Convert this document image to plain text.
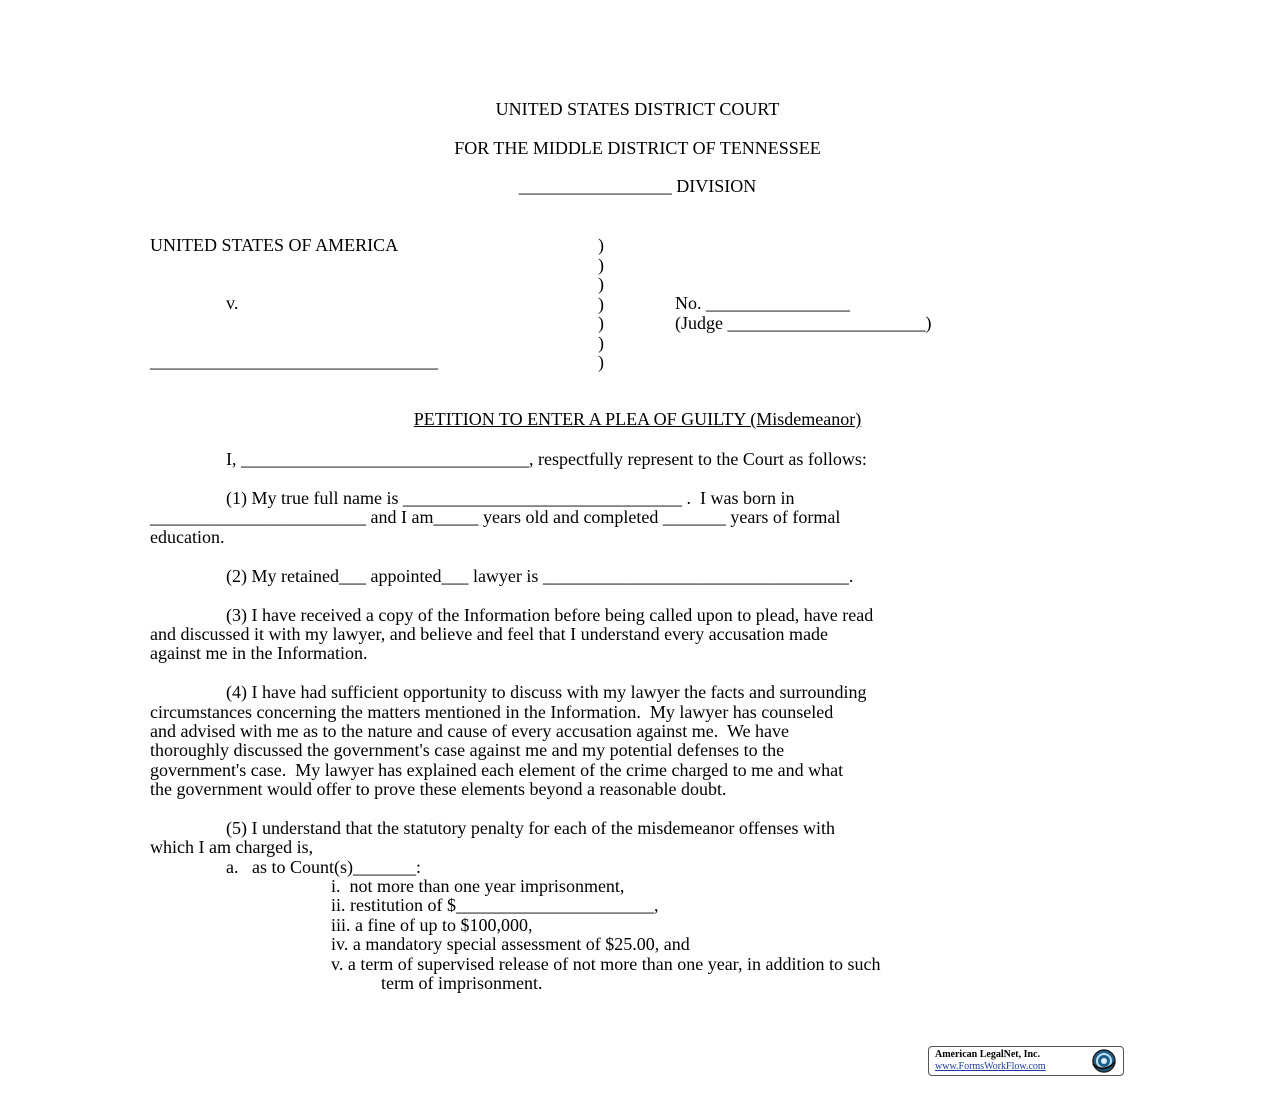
UNITED STATES DISTRICT COURT
FOR THE MIDDLE DISTRICT OF TENNESSEE
_________________ DIVISION
UNITED STATES OF AMERICA
v.
________________________________
)
)
)
)
)
)
)
No. ________________
(Judge ______________________)
PETITION TO ENTER A PLEA OF GUILTY (Misdemeanor)
I, ________________________________, respectfully represent to the Court as follows:
(1) My true full name is _______________________________ .  I was born in
________________________ and I am_____ years old and completed _______ years of formal
education.
(2) My retained___ appointed___ lawyer is __________________________________.
(3) I have received a copy of the Information before being called upon to plead, have read
and discussed it with my lawyer, and believe and feel that I understand every accusation made
against me in the Information.
(4) I have had sufficient opportunity to discuss with my lawyer the facts and surrounding
circumstances concerning the matters mentioned in the Information.  My lawyer has counseled
and advised with me as to the nature and cause of every accusation against me.  We have
thoroughly discussed the government's case against me and my potential defenses to the
government's case.  My lawyer has explained each element of the crime charged to me and what
the government would offer to prove these elements beyond a reasonable doubt.
(5) I understand that the statutory penalty for each of the misdemeanor offenses with
which I am charged is,
a.   as to Count(s)_______:
i.  not more than one year imprisonment,
ii. restitution of $______________________,
iii. a fine of up to $100,000,
iv. a mandatory special assessment of $25.00, and
v. a term of supervised release of not more than one year, in addition to such
term of imprisonment.
American LegalNet, Inc.
www.FormsWorkFlow.com
